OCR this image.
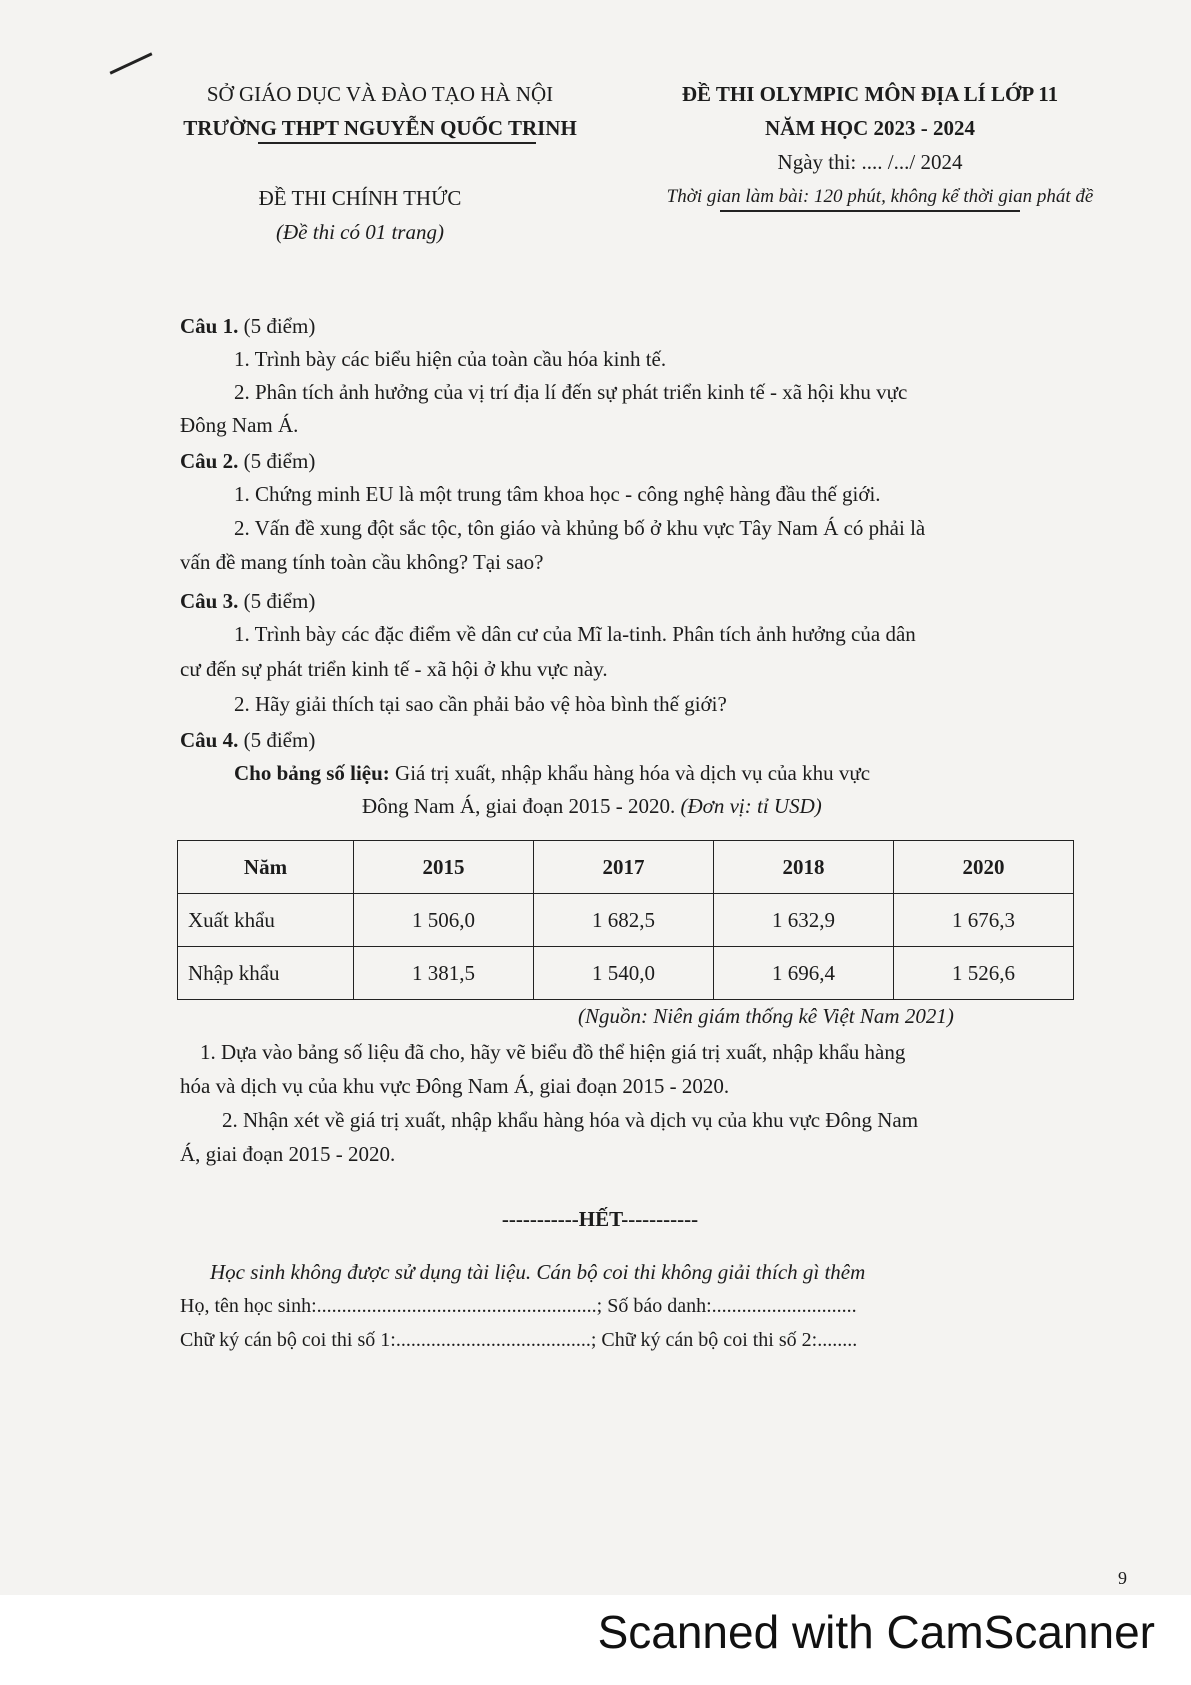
SỞ GIÁO DỤC VÀ ĐÀO TẠO HÀ NỘI
TRƯỜNG THPT NGUYỄN QUỐC TRINH
ĐỀ THI CHÍNH THỨC
(Đề thi có 01 trang)
ĐỀ THI OLYMPIC MÔN ĐỊA LÍ LỚP 11
NĂM HỌC 2023 - 2024
Ngày thi: .... /.../ 2024
Thời gian làm bài: 120 phút, không kể thời gian phát đề
Câu 1. (5 điểm)
1. Trình bày các biểu hiện của toàn cầu hóa kinh tế.
2. Phân tích ảnh hưởng của vị trí địa lí đến sự phát triển kinh tế - xã hội khu vực
Đông Nam Á.
Câu 2. (5 điểm)
1. Chứng minh EU là một trung tâm khoa học - công nghệ hàng đầu thế giới.
2. Vấn đề xung đột sắc tộc, tôn giáo và khủng bố ở khu vực Tây Nam Á có phải là
vấn đề mang tính toàn cầu không? Tại sao?
Câu 3. (5 điểm)
1. Trình bày các đặc điểm về dân cư của Mĩ la-tinh. Phân tích ảnh hưởng của dân
cư đến sự phát triển kinh tế - xã hội ở khu vực này.
2. Hãy giải thích tại sao cần phải bảo vệ hòa bình thế giới?
Câu 4. (5 điểm)
Cho bảng số liệu: Giá trị xuất, nhập khẩu hàng hóa và dịch vụ của khu vực
Đông Nam Á, giai đoạn 2015 - 2020. (Đơn vị: tỉ USD)
Năm	2015	2017	2018	2020
Xuất khẩu	1 506,0	1 682,5	1 632,9	1 676,3
Nhập khẩu	1 381,5	1 540,0	1 696,4	1 526,6
(Nguồn: Niên giám thống kê Việt Nam 2021)
1. Dựa vào bảng số liệu đã cho, hãy vẽ biểu đồ thể hiện giá trị xuất, nhập khẩu hàng
hóa và dịch vụ của khu vực Đông Nam Á, giai đoạn 2015 - 2020.
2. Nhận xét về giá trị xuất, nhập khẩu hàng hóa và dịch vụ của khu vực Đông Nam
Á, giai đoạn 2015 - 2020.
-----------HẾT-----------
Học sinh không được sử dụng tài liệu. Cán bộ coi thi không giải thích gì thêm
Họ, tên học sinh:........................................................; Số báo danh:.............................
Chữ ký cán bộ coi thi số 1:.......................................; Chữ ký cán bộ coi thi số 2:........
9
Scanned with CamScanner
